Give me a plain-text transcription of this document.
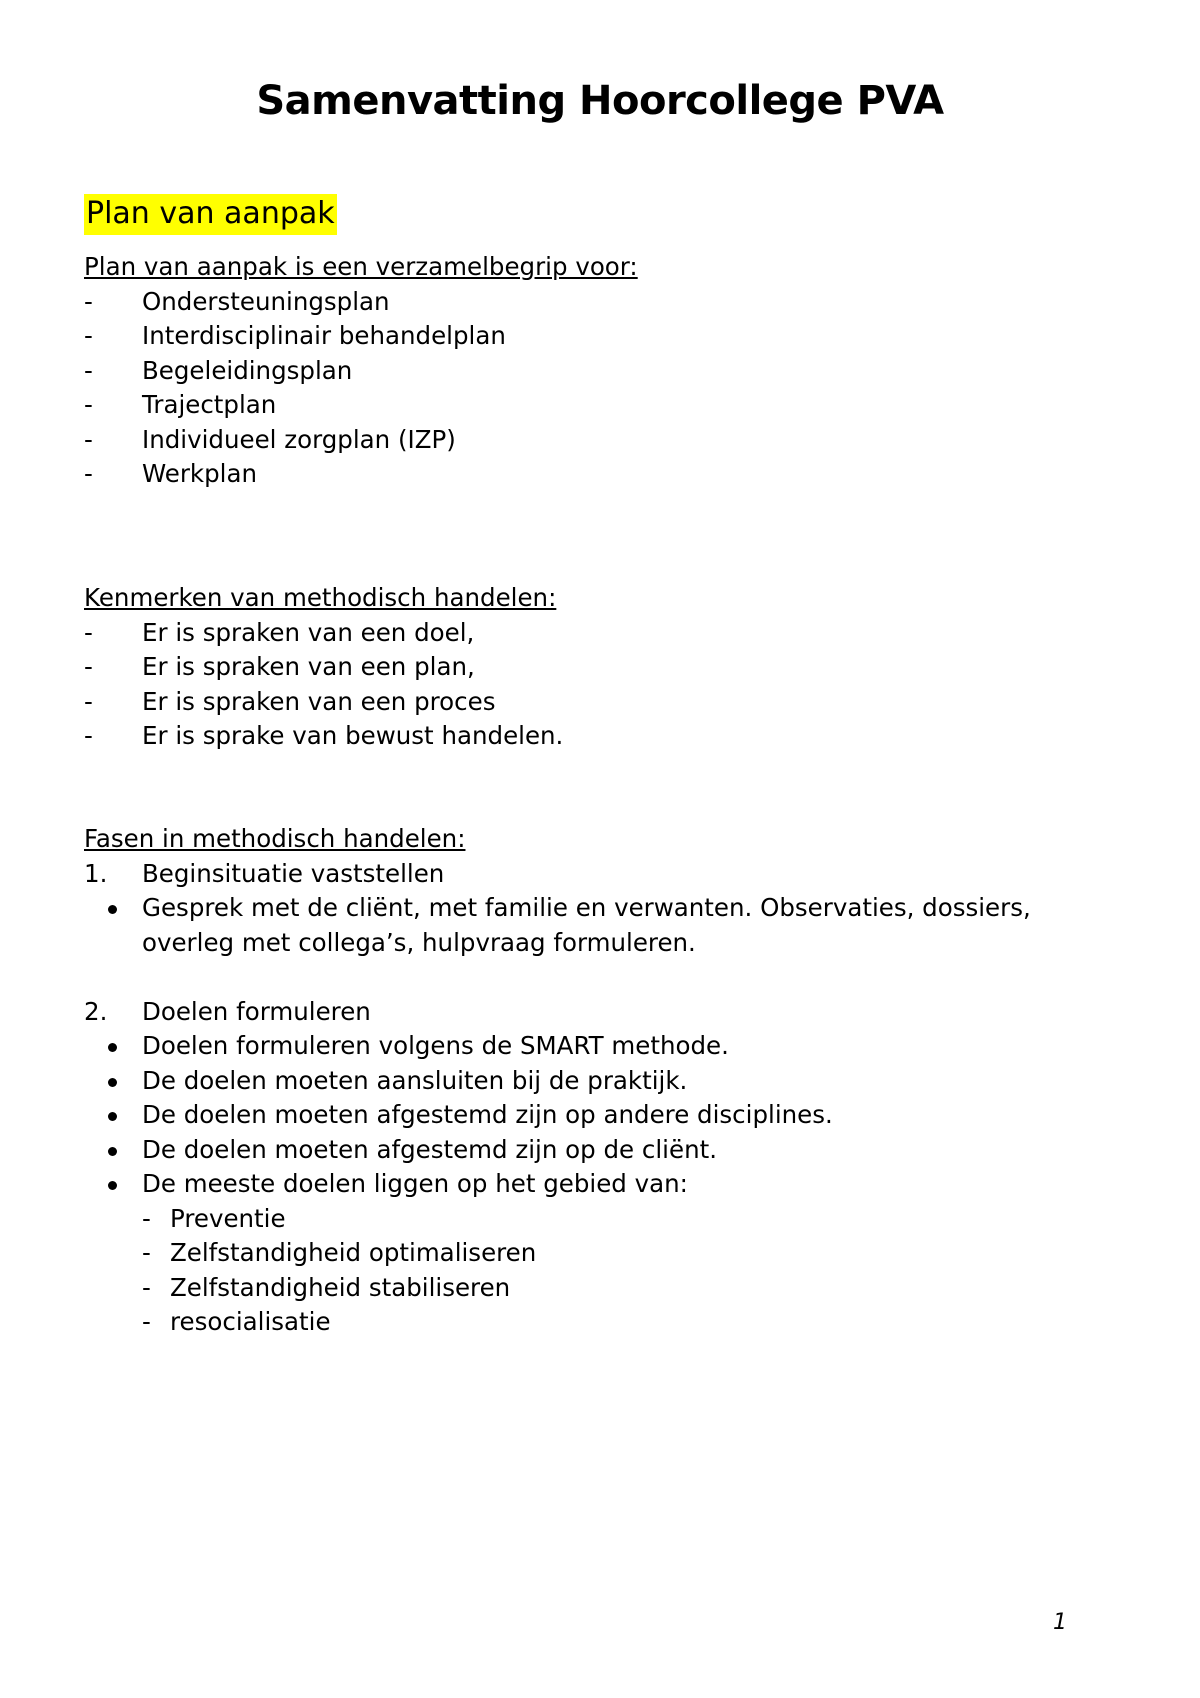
Samenvatting Hoorcollege PVA
Plan van aanpak
Plan van aanpak is een verzamelbegrip voor:
- Ondersteuningsplan
- Interdisciplinair behandelplan
- Begeleidingsplan
- Trajectplan
- Individueel zorgplan (IZP)
- Werkplan
Kenmerken van methodisch handelen:
- Er is spraken van een doel,
- Er is spraken van een plan,
- Er is spraken van een proces
- Er is sprake van bewust handelen.
Fasen in methodisch handelen:
1. Beginsituatie vaststellen
Gesprek met de cliënt, met familie en verwanten. Observaties, dossiers, overleg met collega’s, hulpvraag formuleren.
2. Doelen formuleren
Doelen formuleren volgens de SMART methode.
De doelen moeten aansluiten bij de praktijk.
De doelen moeten afgestemd zijn op andere disciplines.
De doelen moeten afgestemd zijn op de cliënt.
De meeste doelen liggen op het gebied van:
- Preventie
- Zelfstandigheid optimaliseren
- Zelfstandigheid stabiliseren
- resocialisatie
1
